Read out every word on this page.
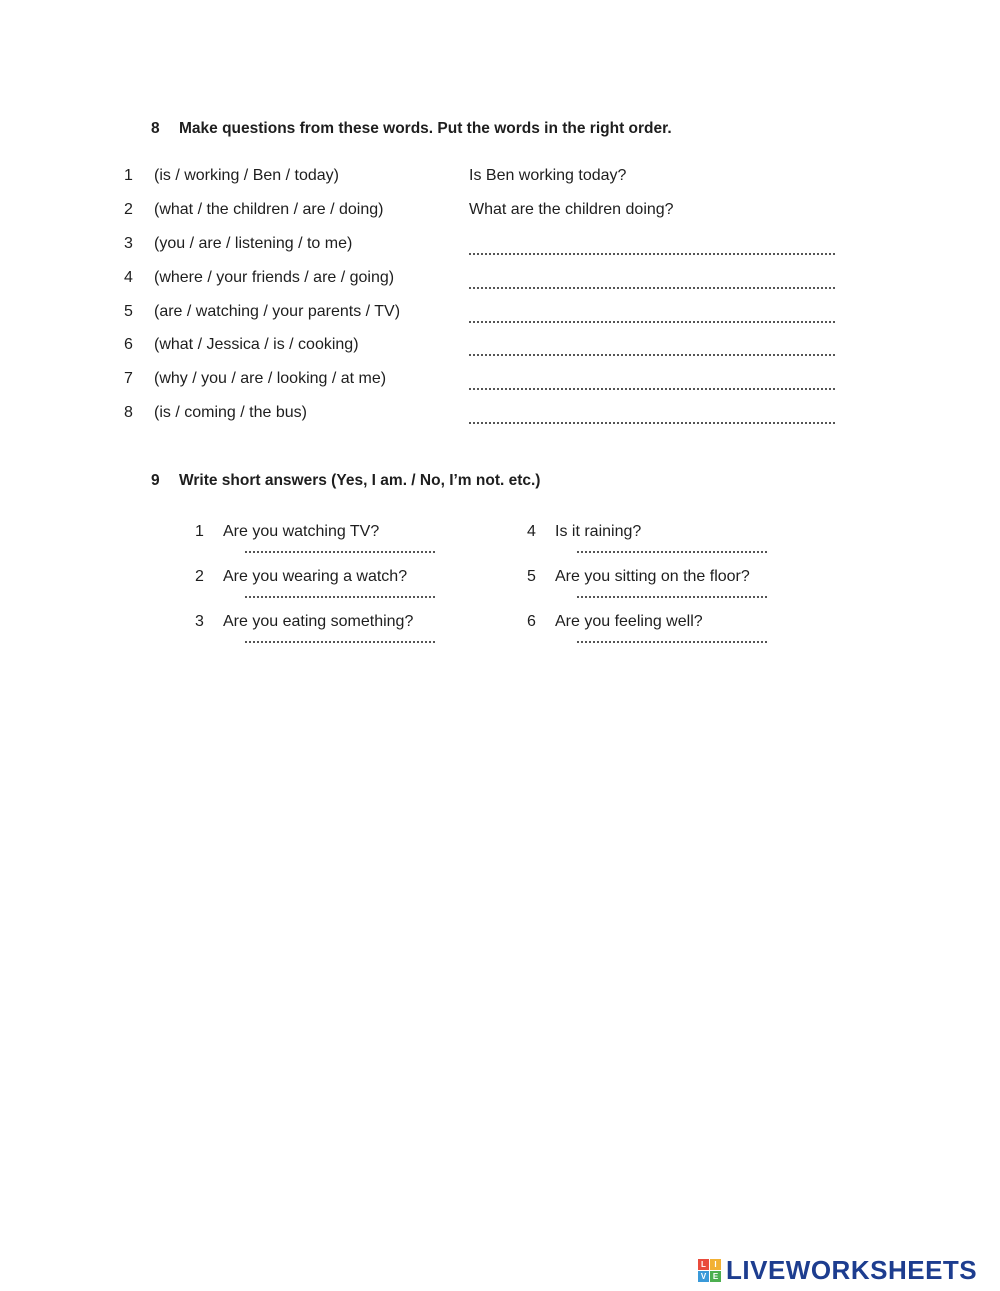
8 Make questions from these words. Put the words in the right order.
1 (is / working / Ben / today)	Is Ben working today?
2 (what / the children / are / doing)	What are the children doing?
3 (you / are / listening / to me)
4 (where / your friends / are / going)
5 (are / watching / your parents / TV)
6 (what / Jessica / is / cooking)
7 (why / you / are / looking / at me)
8 (is / coming / the bus)
9 Write short answers (Yes, I am. / No, I’m not. etc.)
1 Are you watching TV?
2 Are you wearing a watch?
3 Are you eating something?
4 Is it raining?
5 Are you sitting on the floor?
6 Are you feeling well?
L	I
V E LIVEWORKSHEETS
